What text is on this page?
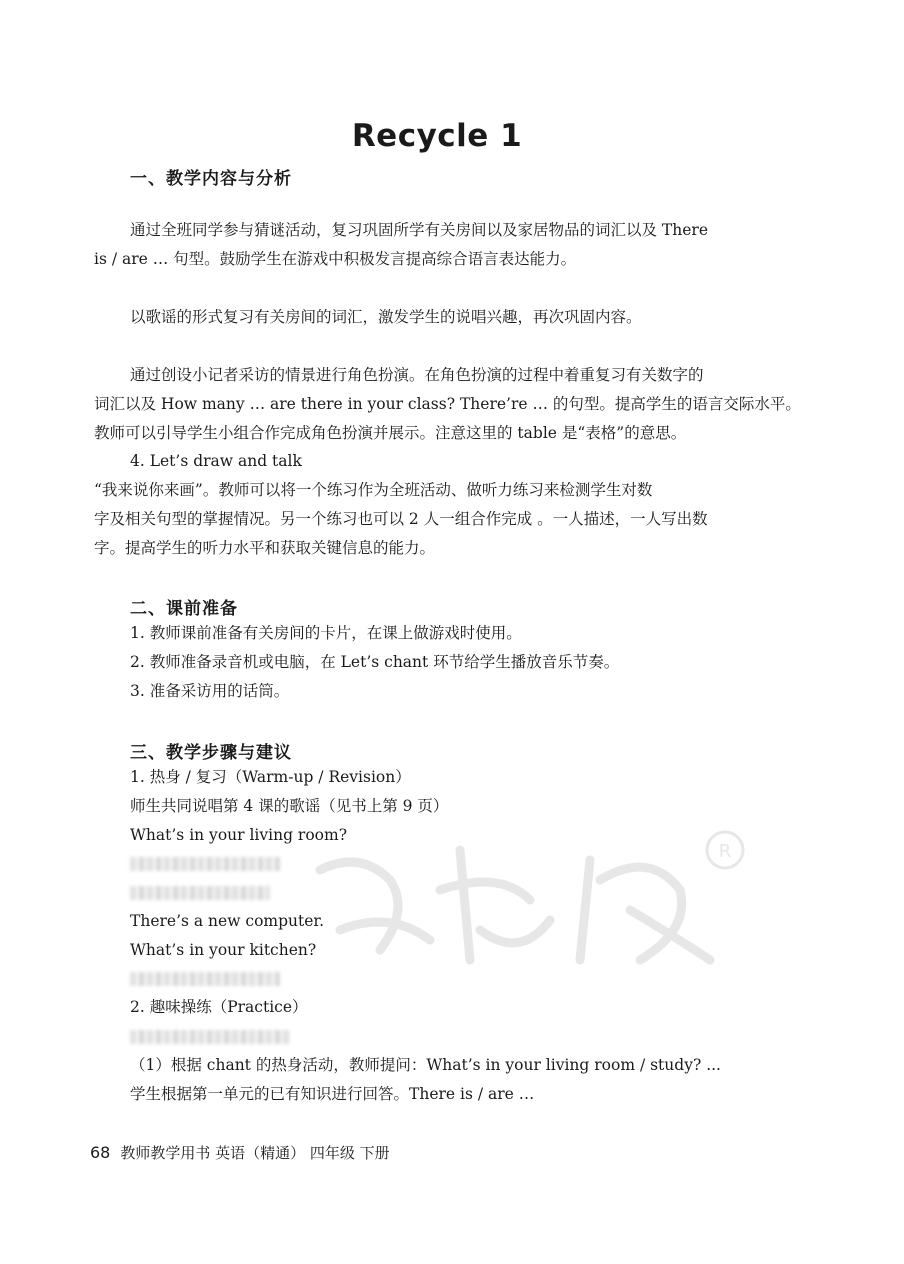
Recycle 1
一、教学内容与分析
通过全班同学参与猜谜活动，复习巩固所学有关房间以及家居物品的词汇以及 There
is / are … 句型。鼓励学生在游戏中积极发言提高综合语言表达能力。
以歌谣的形式复习有关房间的词汇，激发学生的说唱兴趣，再次巩固内容。
通过创设小记者采访的情景进行角色扮演。在角色扮演的过程中着重复习有关数字的
词汇以及 How many … are there in your class? There’re … 的句型。提高学生的语言交际水平。
教师可以引导学生小组合作完成角色扮演并展示。注意这里的 table 是“表格”的意思。
4. Let’s draw and talk
“我来说你来画”。教师可以将一个练习作为全班活动、做听力练习来检测学生对数
字及相关句型的掌握情况。另一个练习也可以 2 人一组合作完成 。一人描述，一人写出数
字。提高学生的听力水平和获取关键信息的能力。
二、课前准备
1. 教师课前准备有关房间的卡片，在课上做游戏时使用。
2. 教师准备录音机或电脑，在 Let’s chant 环节给学生播放音乐节奏。
3. 准备采访用的话筒。
三、教学步骤与建议
1. 热身 / 复习（Warm-up / Revision）
师生共同说唱第 4 课的歌谣（见书上第 9 页）
What’s in your living room?
There’s a new computer.
What’s in your kitchen?
2. 趣味操练（Practice）
（1）根据 chant 的热身活动，教师提问：What’s in your living room / study? ...
学生根据第一单元的已有知识进行回答。There is / are …
R
68 教师教学用书 英语（精通） 四年级 下册
